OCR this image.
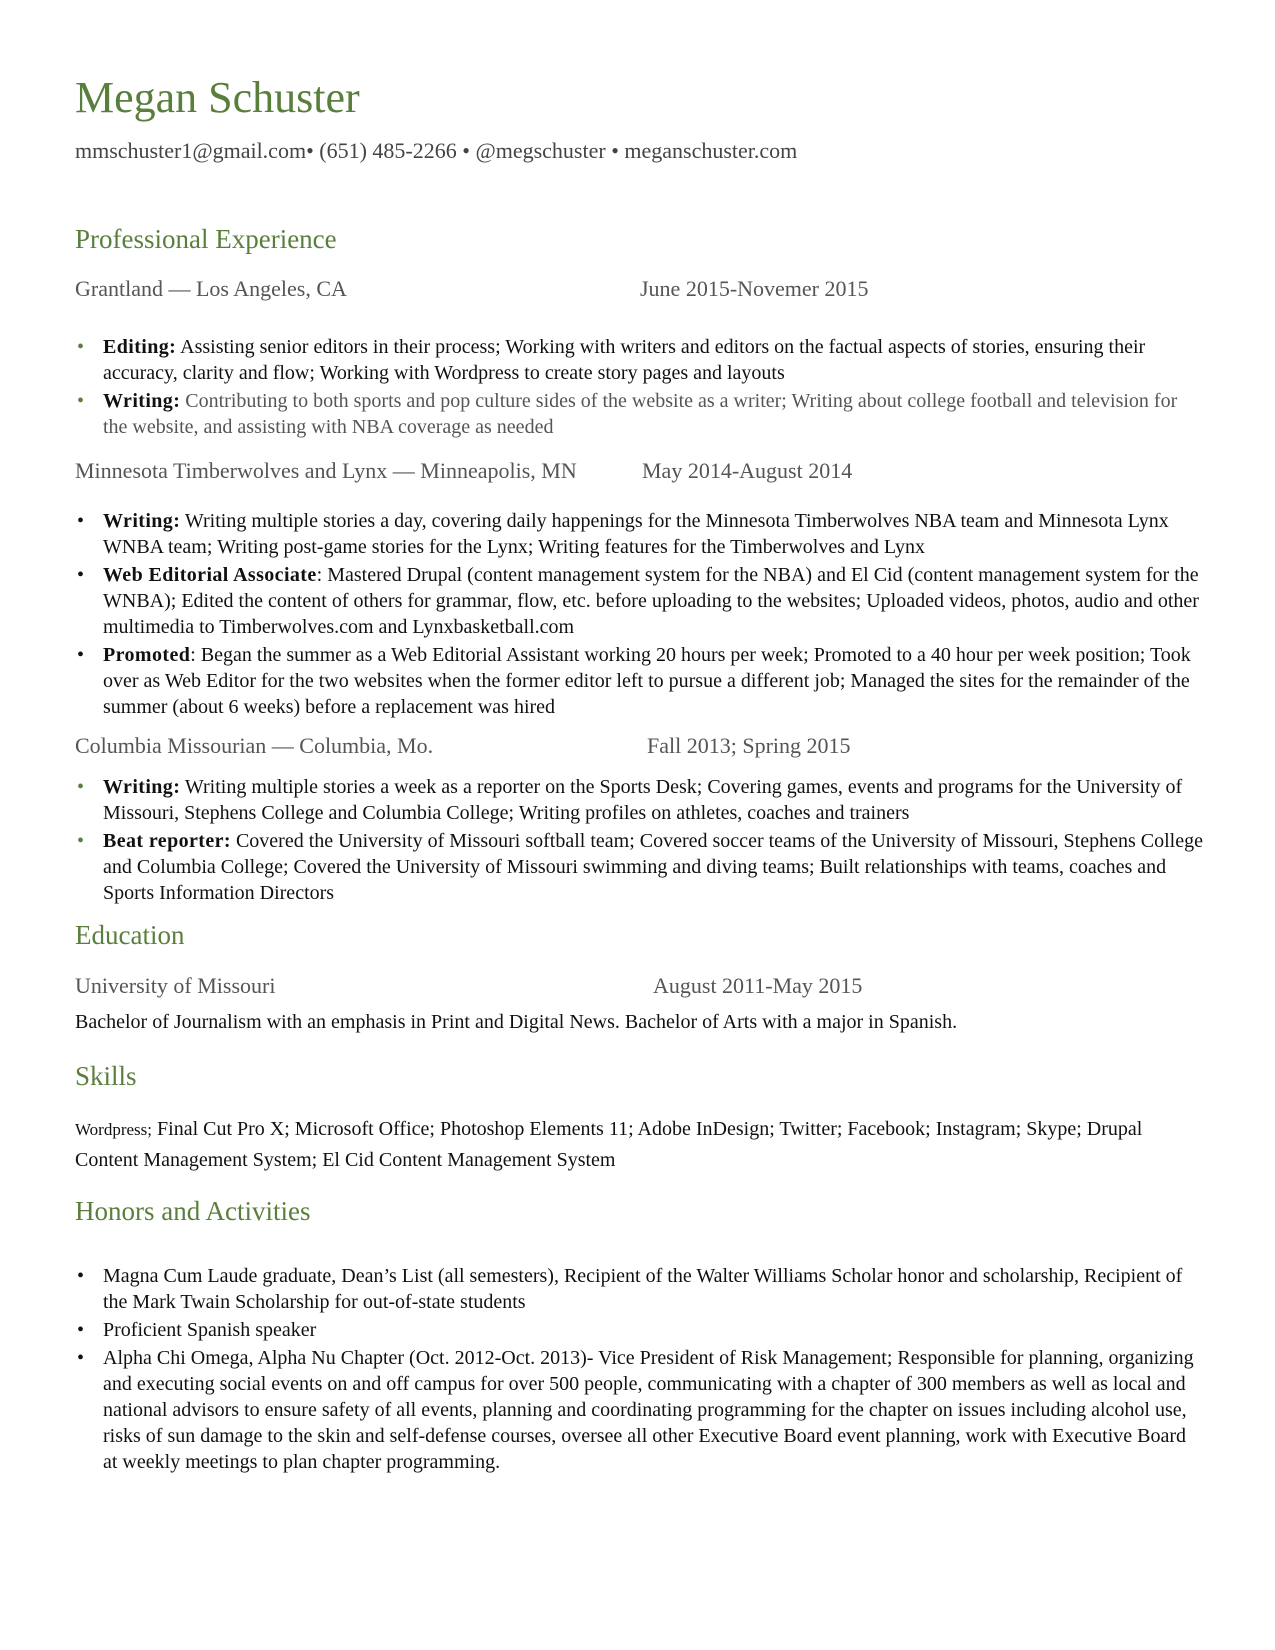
Megan Schuster

mmschuster1@gmail.com• (651) 485-2266 • @megschuster • meganschuster.com

Professional Experience
Grantland — Los Angeles, CA	June 2015-Novemer 2015
• Editing: Assisting senior editors in their process; Working with writers and editors on the factual aspects of stories, ensuring their accuracy, clarity and flow; Working with Wordpress to create story pages and layouts
• Writing: Contributing to both sports and pop culture sides of the website as a writer; Writing about college football and television for the website, and assisting with NBA coverage as needed
Minnesota Timberwolves and Lynx — Minneapolis, MN	May 2014-August 2014
• Writing: Writing multiple stories a day, covering daily happenings for the Minnesota Timberwolves NBA team and Minnesota Lynx WNBA team; Writing post-game stories for the Lynx; Writing features for the Timberwolves and Lynx
• Web Editorial Associate: Mastered Drupal (content management system for the NBA) and El Cid (content management system for the WNBA); Edited the content of others for grammar, flow, etc. before uploading to the websites; Uploaded videos, photos, audio and other multimedia to Timberwolves.com and Lynxbasketball.com
• Promoted: Began the summer as a Web Editorial Assistant working 20 hours per week; Promoted to a 40 hour per week position; Took over as Web Editor for the two websites when the former editor left to pursue a different job; Managed the sites for the remainder of the summer (about 6 weeks) before a replacement was hired
Columbia Missourian — Columbia, Mo.	Fall 2013; Spring 2015
• Writing: Writing multiple stories a week as a reporter on the Sports Desk; Covering games, events and programs for the University of Missouri, Stephens College and Columbia College; Writing profiles on athletes, coaches and trainers
• Beat reporter: Covered the University of Missouri softball team; Covered soccer teams of the University of Missouri, Stephens College and Columbia College; Covered the University of Missouri swimming and diving teams; Built relationships with teams, coaches and Sports Information Directors
Education
University of Missouri	August 2011-May 2015

Bachelor of Journalism with an emphasis in Print and Digital News. Bachelor of Arts with a major in Spanish.

Skills

Wordpress; Final Cut Pro X; Microsoft Office; Photoshop Elements 11; Adobe InDesign; Twitter; Facebook; Instagram; Skype; Drupal Content Management System; El Cid Content Management System

Honors and Activities
• Magna Cum Laude graduate, Dean’s List (all semesters), Recipient of the Walter Williams Scholar honor and scholarship, Recipient of the Mark Twain Scholarship for out-of-state students
• Proficient Spanish speaker
• Alpha Chi Omega, Alpha Nu Chapter (Oct. 2012-Oct. 2013)- Vice President of Risk Management; Responsible for planning, organizing and executing social events on and off campus for over 500 people, communicating with a chapter of 300 members as well as local and national advisors to ensure safety of all events, planning and coordinating programming for the chapter on issues including alcohol use, risks of sun damage to the skin and self-defense courses, oversee all other Executive Board event planning, work with Executive Board at weekly meetings to plan chapter programming.
